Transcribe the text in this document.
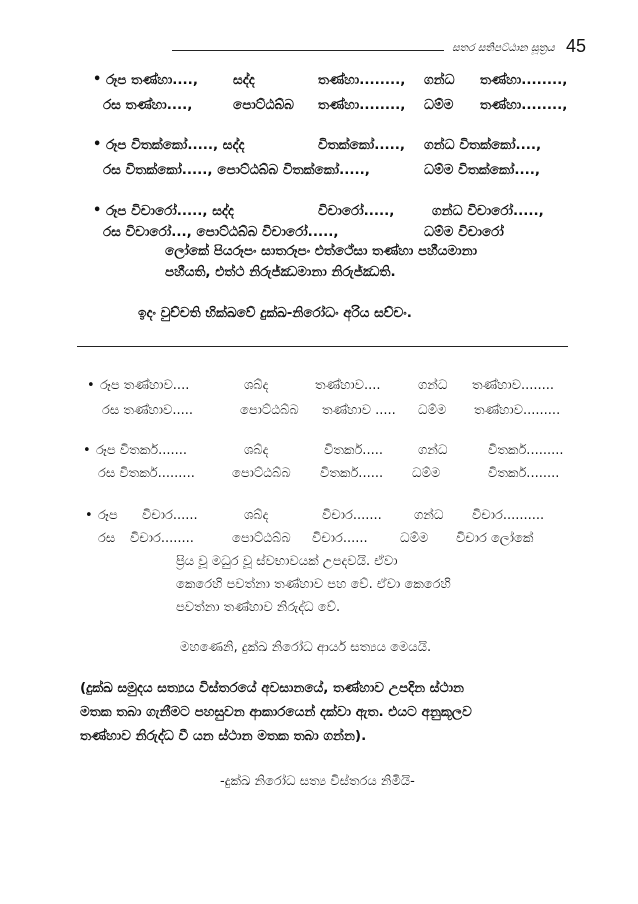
සතර සතිපට්ඨාන සූත්‍රය 45
• රූප තණ්හා....,	සද්ද	තණ්හා........, ගන්ධ තණ්හා........,
රස තණ්හා....,	පොට්ඨබ්බ තණ්හා........, ධම්ම තණ්හා........,
• රූප විතක්කෝ....., සද්ද	විතක්කෝ....., ගන්ධ විතක්කෝ....,
රස විතක්කෝ....., පොට්ඨබ්බ විතක්කෝ.....,	ධම්ම විතක්කෝ....,
• රූප විචාරෝ....., සද්ද	විචාරෝ.....,	ගන්ධ විචාරෝ.....,
රස විචාරෝ..., පොට්ඨබ්බ විචාරෝ.....,	ධම්ම විචාරෝ
ලෝකේ පියරූපං සාතරූපං එත්ථේසා තණ්හා පහීයමානා
පහීයති, එත්ථ නිරුජ්ඣමානා නිරුජ්ඣති.
ඉදං වුච්චති භික්ඛවේ දුක්ඛ-නිරෝධං අරිය සච්චං.
• රූප තණ්හාව....	ශබ්ද	තණ්හාව....	ගන්ධ තණ්හාව........
රස තණ්හාව.....	පොට්ඨබ්බ තණ්හාව ..... ධම්ම තණ්හාව.........
• රූප විතර්ක.......	ශබ්ද	විතර්ක.....	ගන්ධ	විතර්ක.........
රස විතර්ක.........	පොට්ඨබ්බ විතර්ක...... ධම්ම	විතර්ක........
• රූප විචාර......	ශබ්ද	විචාර....... ගන්ධ විචාර..........
රස විචාර........	පොට්ඨබ්බ විචාර...... ධම්ම විචාර ලෝකේ
ප්‍රිය වූ මධුර වූ ස්වභාවයක් උපදවයි. ඒවා
කෙරෙහි පවත්නා තණ්හාව පහ වේ. ඒවා කෙරෙහි
පවත්නා තණ්හාව නිරුද්ධ වේ.
මහණෙනි, දුක්ඛ නිරෝධ ආර්ය සත්‍යය මෙයයි.
(දුක්ඛ සමුදය සත්‍යය විස්තරයේ අවසානයේ, තණ්හාව උපදින ස්ථාන
මතක තබා ගැනීමට පහසුවන ආකාරයෙන් දක්වා ඇත. එයට අනුකූලව
තණ්හාව නිරුද්ධ වී යන ස්ථාන මතක තබා ගන්න).
-දුක්ඛ නිරෝධ සත්‍ය විස්තරය නිමියි-
